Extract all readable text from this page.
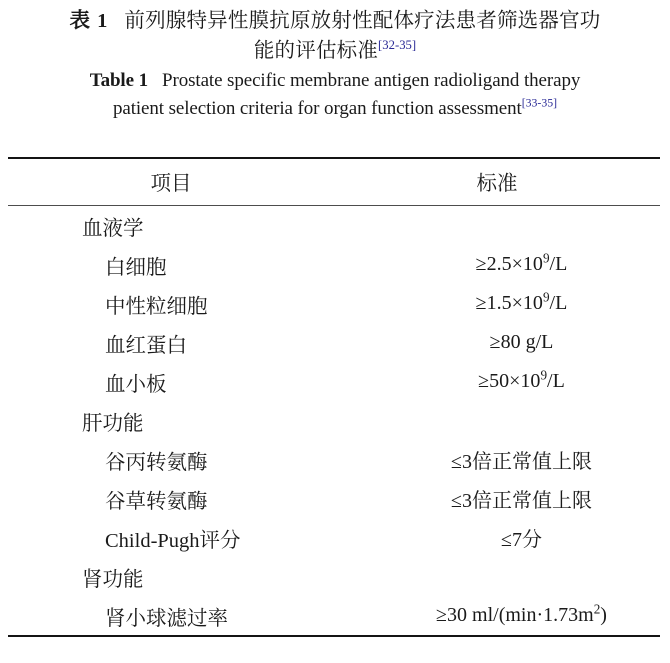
表 1 前列腺特异性膜抗原放射性配体疗法患者筛选器官功
能的评估标准[32-35]
Table 1 Prostate specific membrane antigen radioligand therapy
patient selection criteria for organ function assessment[33-35]
项目	标准
血液学	
白细胞	$\ge 2.5\times 10^9/L$
中性粒细胞	$\ge 1.5\times 10^9/L$
血红蛋白	≥80 g/L
血小板	$\ge 50\times 10^9/L$
肝功能	
谷丙转氨酶	≤3倍正常值上限
谷草转氨酶	≤3倍正常值上限
Child-Pugh评分	≤7分
肾功能	
肾小球滤过率	≥30 $ml/(\min\cdot 1.73m^2)$
